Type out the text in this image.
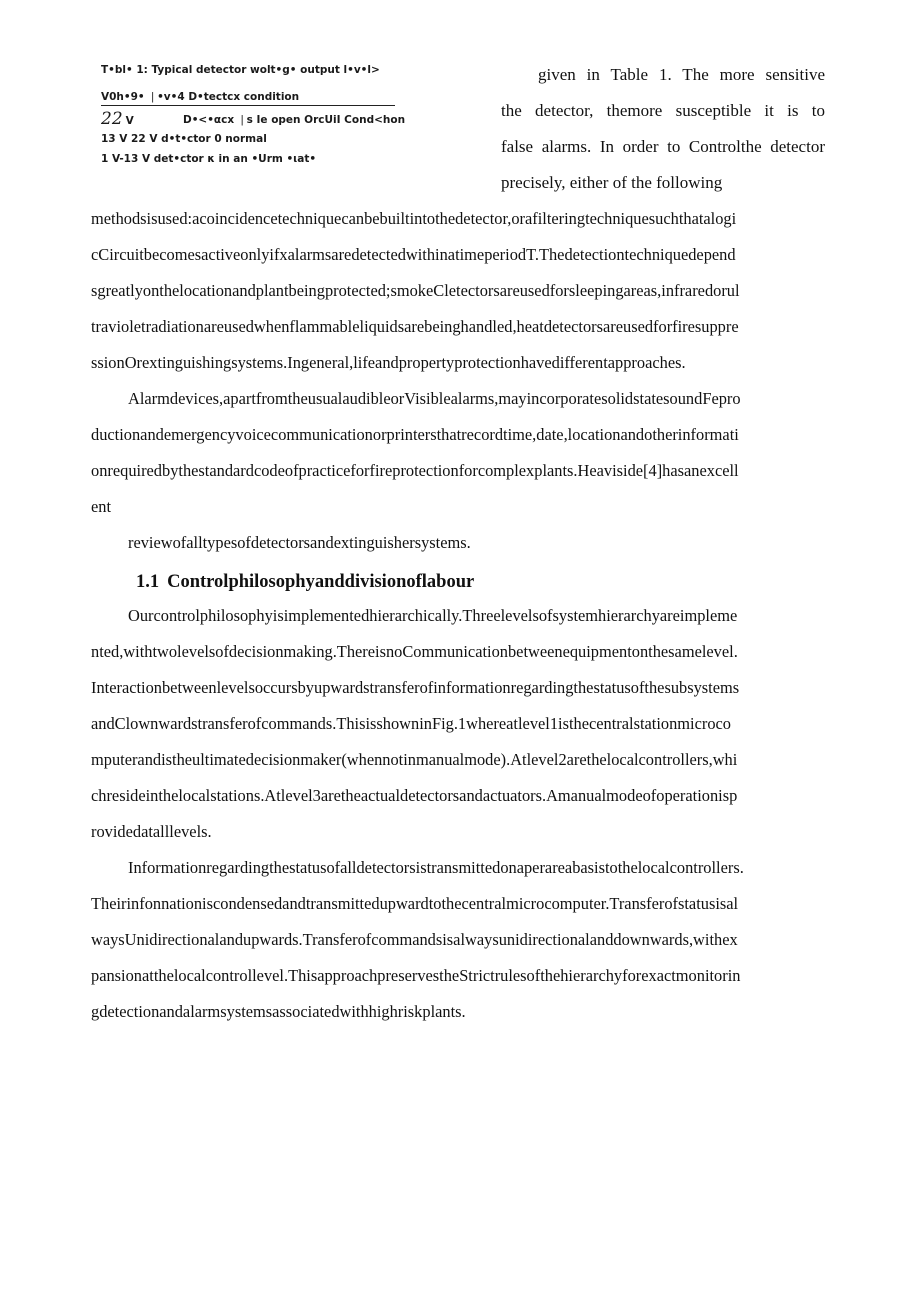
T•bl• 1: Typical detector wolt•g• output l•v•l>
V0h•9• ❘•v•4 D•tectcx condition
22 V	D•<•αcx ❘s Ie open OrcUiI Cond<hon
13 V 22 V d•t•ctor 0 normal
1 V-13 V det•ctor κ in an •Urm •ιat•
given in Table 1. The more sensitive
the detector, themore susceptible it is to
false alarms. In order to Controlthe detector
precisely, either of the following
methodsisused:acoincidencetechniquecanbebuiltintothedetector,orafilteringtechniquesuchthatalogi
cCircuitbecomesactiveonlyifxalarmsaredetectedwithinatimeperiodT.Thedetectiontechniquedepend
sgreatlyonthelocationandplantbeingprotected;smokeCletectorsareusedforsleepingareas,infraredorul
travioletradiationareusedwhenflammableliquidsarebeinghandled,heatdetectorsareusedforfiresuppre
ssionOrextinguishingsystems.Ingeneral,lifeandpropertyprotectionhavedifferentapproaches.
Alarmdevices,apartfromtheusualaudibleorVisiblealarms,mayincorporatesolidstatesoundFepro
ductionandemergencyvoicecommunicationorprintersthatrecordtime,date,locationandotherinformati
onrequiredbythestandardcodeofpracticeforfireprotectionforcomplexplants.Heaviside[4]hasanexcell
ent
reviewofalltypesofdetectorsandextinguishersystems.
1.1 Controlphilosophyanddivisionoflabour
Ourcontrolphilosophyisimplementedhierarchically.Threelevelsofsystemhierarchyareimpleme
nted,withtwolevelsofdecisionmaking.ThereisnoCommunicationbetweenequipmentonthesamelevel.
Interactionbetweenlevelsoccursbyupwardstransferofinformationregardingthestatusofthesubsystems
andClownwardstransferofcommands.ThisisshowninFig.1whereatlevel1isthecentralstationmicroco
mputerandistheultimatedecisionmaker(whennotinmanualmode).Atlevel2arethelocalcontrollers,whi
chresideinthelocalstations.Atlevel3aretheactualdetectorsandactuators.Amanualmodeofoperationisp
rovidedatalllevels.
Informationregardingthestatusofalldetectorsistransmittedonaperareabasistothelocalcontrollers.
Theirinfonnationiscondensedandtransmittedupwardtothecentralmicrocomputer.Transferofstatusisal
waysUnidirectionalandupwards.Transferofcommandsisalwaysunidirectionalanddownwards,withex
pansionatthelocalcontrollevel.ThisapproachpreservestheStrictrulesofthehierarchyforexactmonitorin
gdetectionandalarmsystemsassociatedwithhighriskplants.
